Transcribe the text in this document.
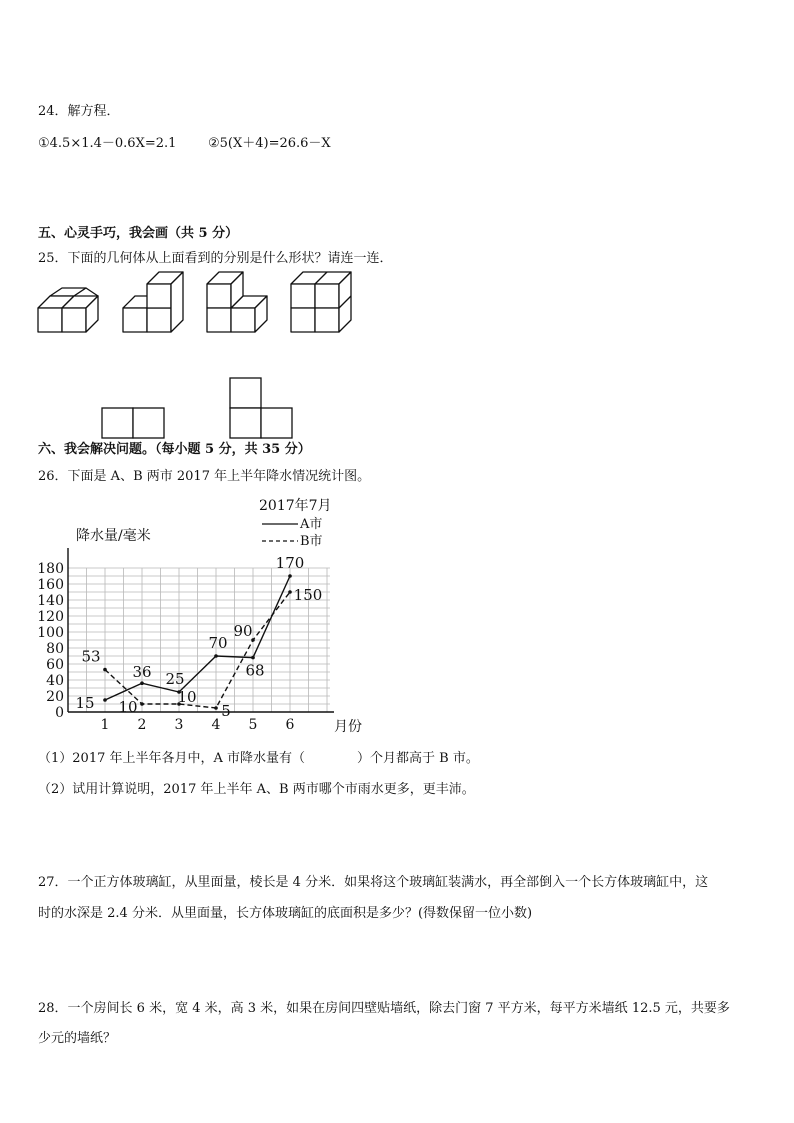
24．解方程．
①4.5×1.4－0.6X=2.1 ②5(X＋4)=26.6－X
五、心灵手巧，我会画（共 5 分）
25．下面的几何体从上面看到的分别是什么形状？请连一连．
六、我会解决问题。（每小题 5 分，共 35 分）
26．下面是 A、B 两市 2017 年上半年降水情况统计图。
0
20
40
60
80
100
120
140
160
180
1 2 3 4 5 6
15
36 25
70
68
170
53
10
10
5
90
150
2017年7月
降水量/毫米
月份
A市
B市
（1）2017 年上半年各月中，A 市降水量有（　　　　）个月都高于 B 市。
（2）试用计算说明，2017 年上半年 A、B 两市哪个市雨水更多，更丰沛。
27．一个正方体玻璃缸，从里面量，棱长是 4 分米．如果将这个玻璃缸装满水，再全部倒入一个长方体玻璃缸中，这
时的水深是 2.4 分米．从里面量，长方体玻璃缸的底面积是多少？(得数保留一位小数)
28．一个房间长 6 米，宽 4 米，高 3 米，如果在房间四壁贴墙纸，除去门窗 7 平方米，每平方米墙纸 12.5 元，共要多
少元的墙纸？
